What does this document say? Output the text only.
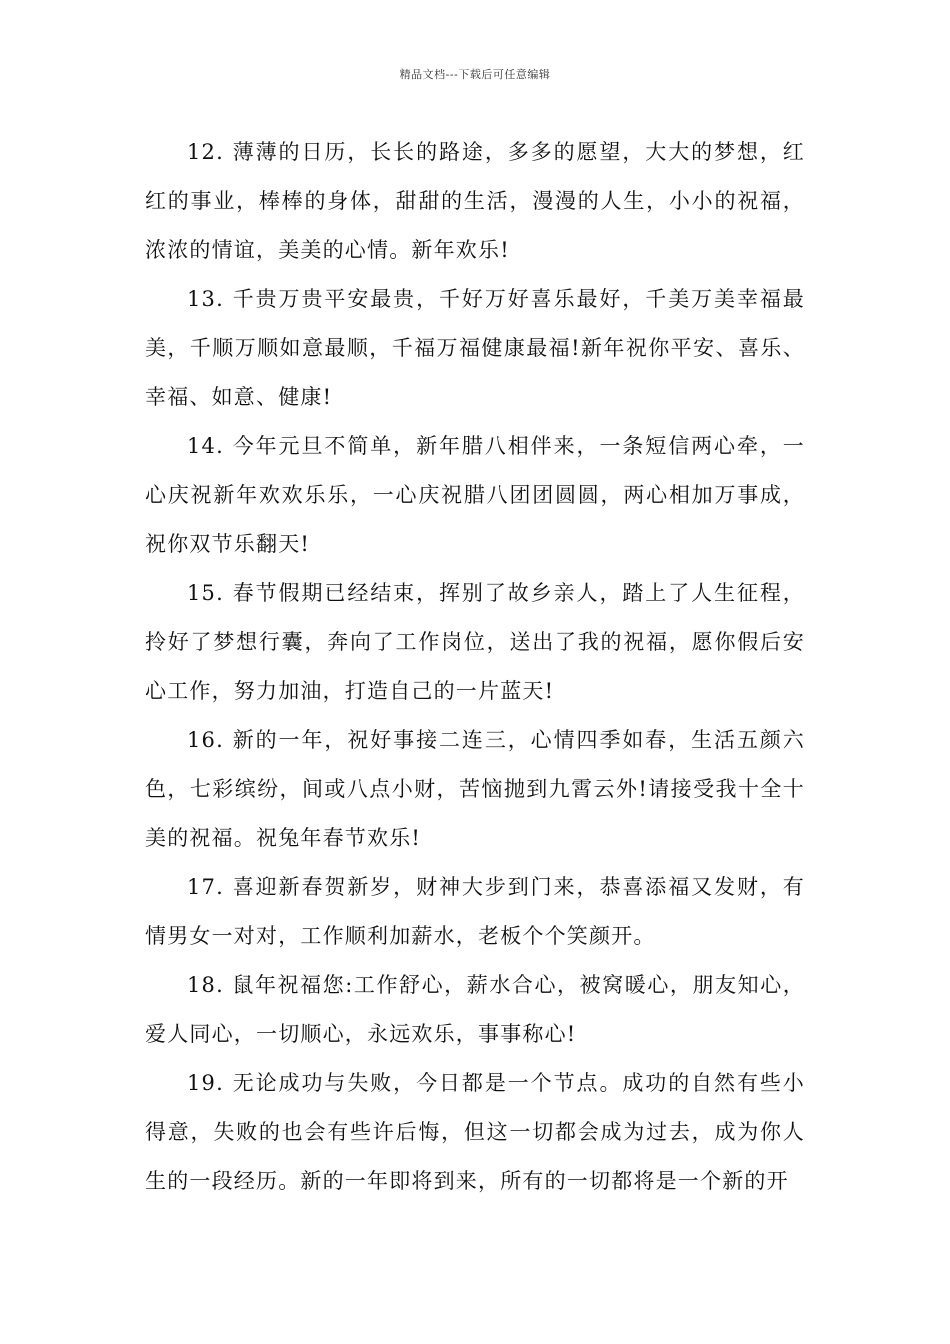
精品文档---下载后可任意编辑

12. 薄薄的日历，长长的路途，多多的愿望，大大的梦想，红红的事业，棒棒的身体，甜甜的生活，漫漫的人生，小小的祝福，浓浓的情谊，美美的心情。新年欢乐!

13. 千贵万贵平安最贵，千好万好喜乐最好，千美万美幸福最美，千顺万顺如意最顺，千福万福健康最福!新年祝你平安、喜乐、幸福、如意、健康!

14. 今年元旦不简单，新年腊八相伴来，一条短信两心牵，一心庆祝新年欢欢乐乐，一心庆祝腊八团团圆圆，两心相加万事成，祝你双节乐翻天!

15. 春节假期已经结束，挥别了故乡亲人，踏上了人生征程，拎好了梦想行囊，奔向了工作岗位，送出了我的祝福，愿你假后安心工作，努力加油，打造自己的一片蓝天!

16. 新的一年，祝好事接二连三，心情四季如春，生活五颜六色，七彩缤纷，间或八点小财，苦恼抛到九霄云外!请接受我十全十美的祝福。祝兔年春节欢乐!

17. 喜迎新春贺新岁，财神大步到门来，恭喜添福又发财，有情男女一对对，工作顺利加薪水，老板个个笑颜开。

18. 鼠年祝福您:工作舒心，薪水合心，被窝暖心，朋友知心，爱人同心，一切顺心，永远欢乐，事事称心!

19. 无论成功与失败，今日都是一个节点。成功的自然有些小得意，失败的也会有些许后悔，但这一切都会成为过去，成为你人生的一段经历。新的一年即将到来，所有的一切都将是一个新的开
